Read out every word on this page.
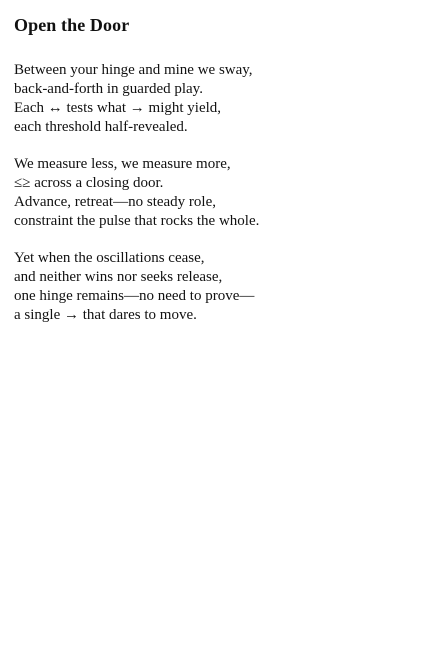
Open the Door
Between your hinge and mine we sway,
back-and-forth in guarded play.
Each ↔ tests what → might yield,
each threshold half-revealed.
We measure less, we measure more,
≤≥ across a closing door.
Advance, retreat—no steady role,
constraint the pulse that rocks the whole.
Yet when the oscillations cease,
and neither wins nor seeks release,
one hinge remains—no need to prove—
a single → that dares to move.
